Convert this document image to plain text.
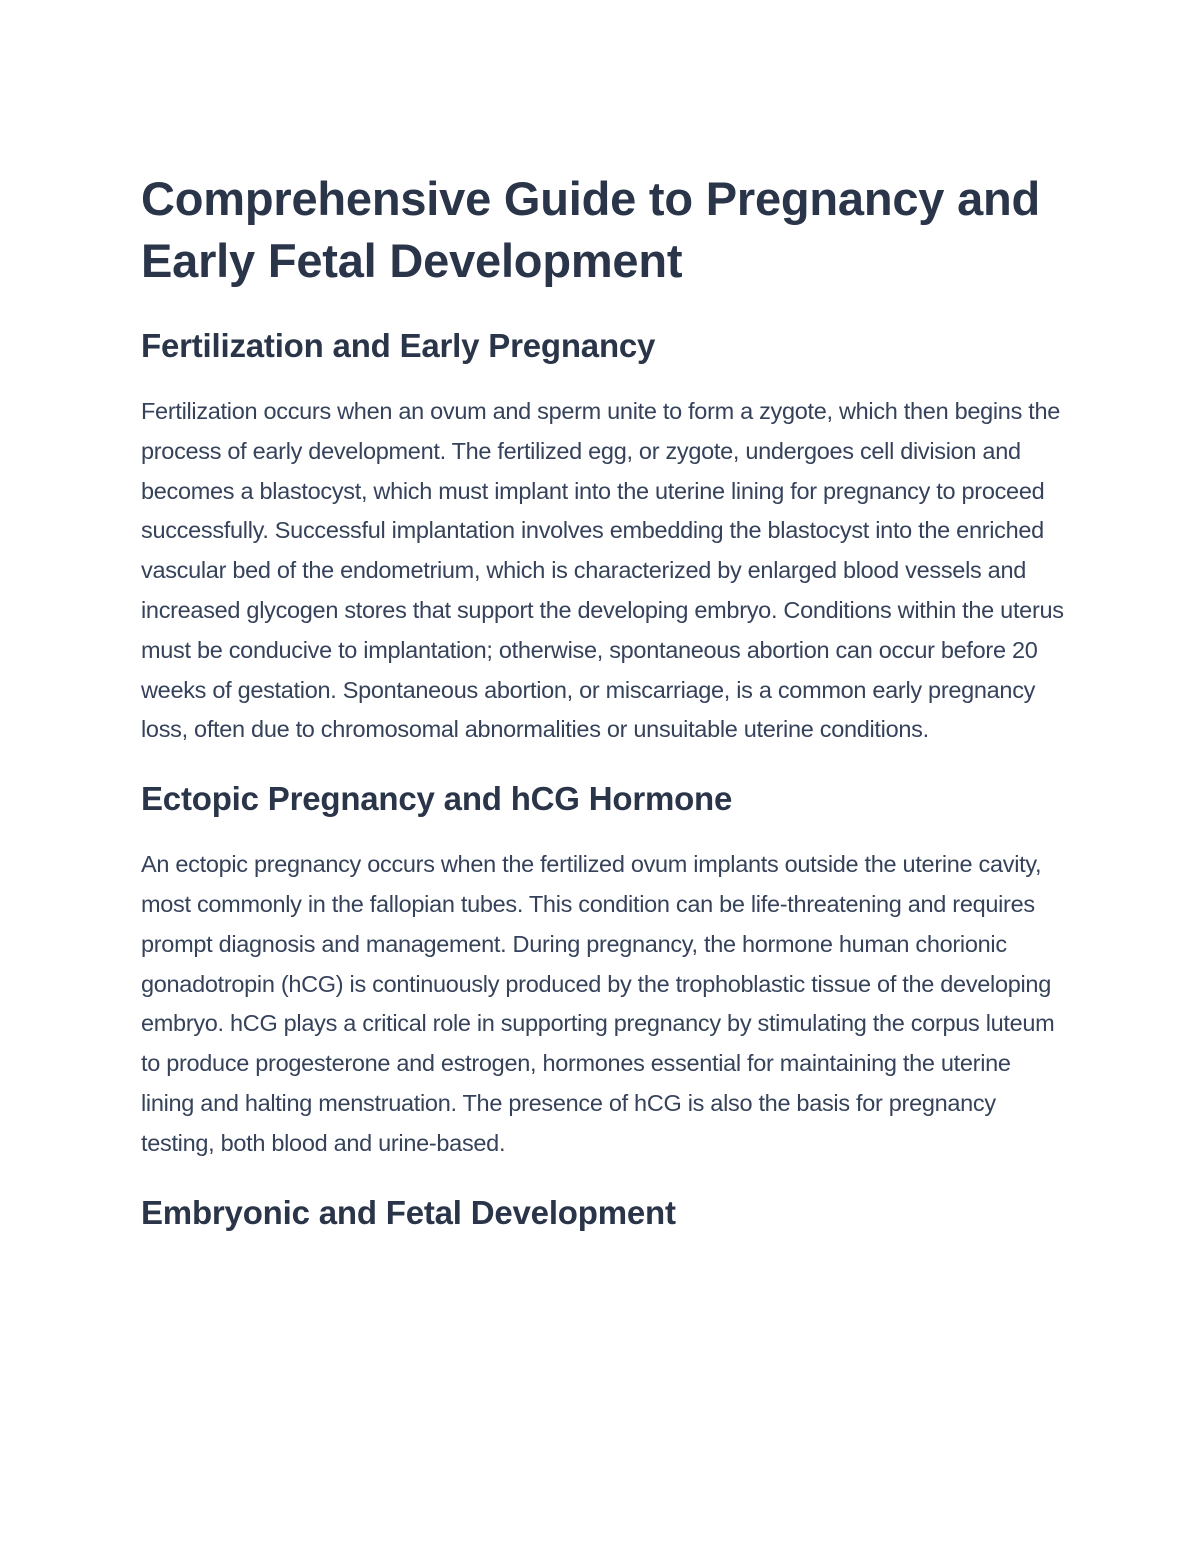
Comprehensive Guide to Pregnancy and Early Fetal Development
Fertilization and Early Pregnancy

Fertilization occurs when an ovum and sperm unite to form a zygote, which then begins the process of early development. The fertilized egg, or zygote, undergoes cell division and becomes a blastocyst, which must implant into the uterine lining for pregnancy to proceed successfully. Successful implantation involves embedding the blastocyst into the enriched vascular bed of the endometrium, which is characterized by enlarged blood vessels and increased glycogen stores that support the developing embryo. Conditions within the uterus must be conducive to implantation; otherwise, spontaneous abortion can occur before 20 weeks of gestation. Spontaneous abortion, or miscarriage, is a common early pregnancy loss, often due to chromosomal abnormalities or unsuitable uterine conditions.

Ectopic Pregnancy and hCG Hormone

An ectopic pregnancy occurs when the fertilized ovum implants outside the uterine cavity, most commonly in the fallopian tubes. This condition can be life-threatening and requires prompt diagnosis and management. During pregnancy, the hormone human chorionic gonadotropin (hCG) is continuously produced by the trophoblastic tissue of the developing embryo. hCG plays a critical role in supporting pregnancy by stimulating the corpus luteum to produce progesterone and estrogen, hormones essential for maintaining the uterine lining and halting menstruation. The presence of hCG is also the basis for pregnancy testing, both blood and urine-based.

Embryonic and Fetal Development
